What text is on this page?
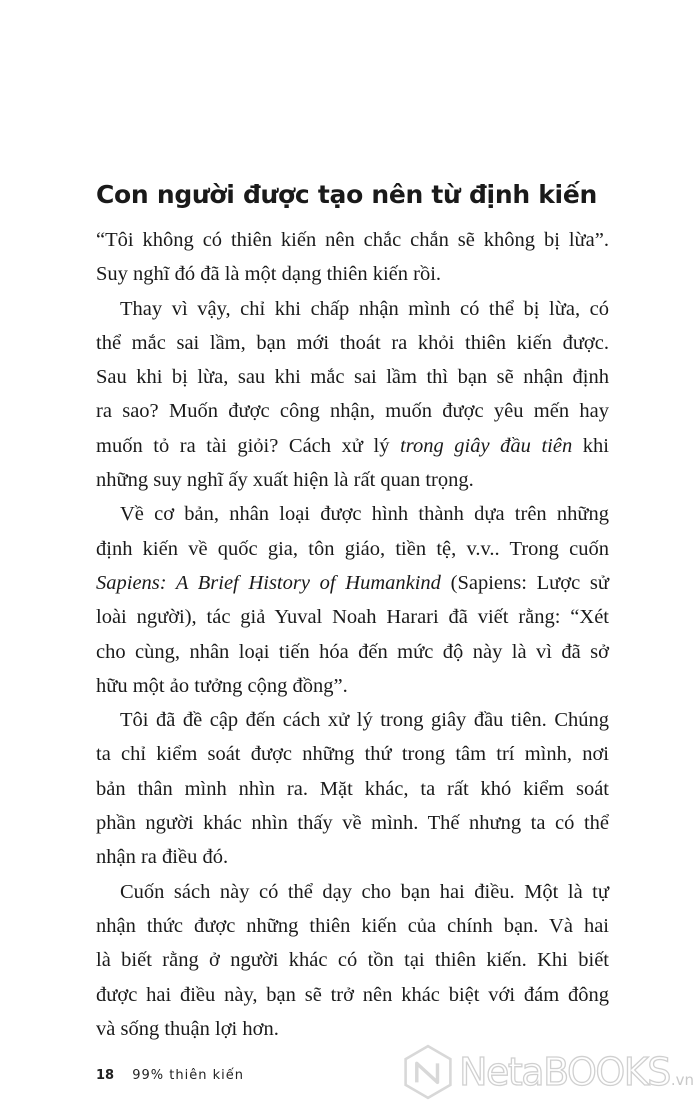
Con người được tạo nên từ định kiến
“Tôi không có thiên kiến nên chắc chắn sẽ không bị lừa”.
Suy nghĩ đó đã là một dạng thiên kiến rồi.
Thay vì vậy, chỉ khi chấp nhận mình có thể bị lừa, có
thể mắc sai lầm, bạn mới thoát ra khỏi thiên kiến được.
Sau khi bị lừa, sau khi mắc sai lầm thì bạn sẽ nhận định
ra sao? Muốn được công nhận, muốn được yêu mến hay
muốn tỏ ra tài giỏi? Cách xử lý trong giây đầu tiên khi
những suy nghĩ ấy xuất hiện là rất quan trọng.
Về cơ bản, nhân loại được hình thành dựa trên những
định kiến về quốc gia, tôn giáo, tiền tệ, v.v.. Trong cuốn
Sapiens: A Brief History of Humankind (Sapiens: Lược sử
loài người), tác giả Yuval Noah Harari đã viết rằng: “Xét
cho cùng, nhân loại tiến hóa đến mức độ này là vì đã sở
hữu một ảo tưởng cộng đồng”.
Tôi đã đề cập đến cách xử lý trong giây đầu tiên. Chúng
ta chỉ kiểm soát được những thứ trong tâm trí mình, nơi
bản thân mình nhìn ra. Mặt khác, ta rất khó kiểm soát
phần người khác nhìn thấy về mình. Thế nhưng ta có thể
nhận ra điều đó.
Cuốn sách này có thể dạy cho bạn hai điều. Một là tự
nhận thức được những thiên kiến của chính bạn. Và hai
là biết rằng ở người khác có tồn tại thiên kiến. Khi biết
được hai điều này, bạn sẽ trở nên khác biệt với đám đông
và sống thuận lợi hơn.
18 99% thiên kiến	NetaBOOKS .vn
